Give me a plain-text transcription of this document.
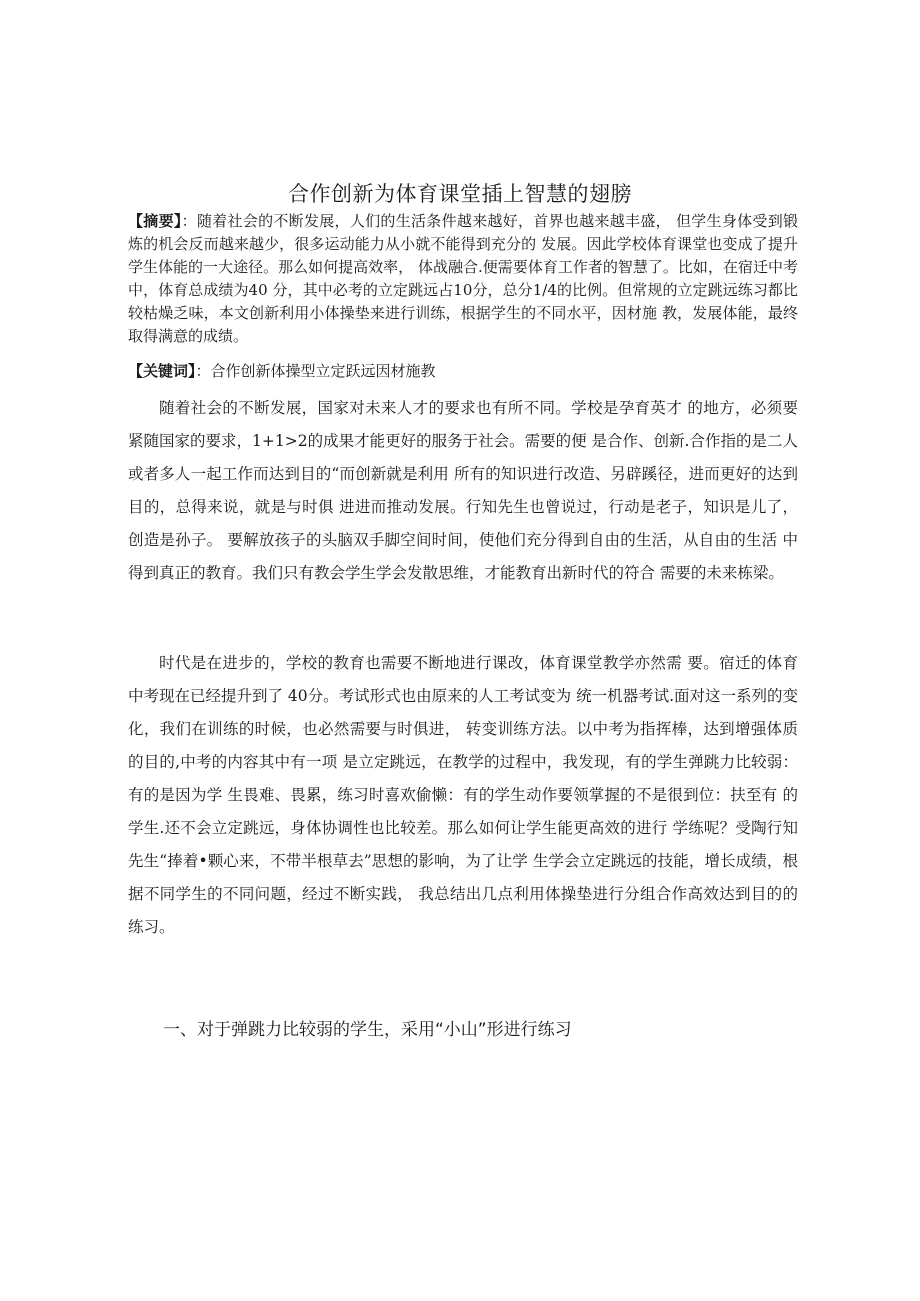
合作创新为体育课堂插上智慧的翅膀

【摘要】：随着社会的不断发展，人们的生活条件越来越好，首界也越来越丰盛， 但学生身体受到锻炼的机会反而越来越少，很多运动能力从小就不能得到充分的 发展。因此学校体育课堂也变成了提升学生体能的一大途径。那么如何提高效率， 体战融合.便需要体育工作者的智慧了。比如，在宿迁中考中，体育总成绩为40 分，其中必考的立定跳远占10分，总分1/4的比例。但常规的立定跳远练习都比 较枯燥乏味，本文创新利用小体操垫来进行训练，根据学生的不同水平，因材施 教，发展体能，最终取得满意的成绩。

【关键词】：合作创新体操型立定跃远因材施教

随着社会的不断发展，国家对未来人才的要求也有所不同。学校是孕育英才 的地方，必须要紧随国家的要求，1+1>2的成果才能更好的服务于社会。需要的便 是合作、创新.合作指的是二人或者多人一起工作而达到目的“而创新就是利用 所有的知识进行改造、另辟蹊径，进而更好的达到目的，总得来说，就是与时俱 进进而推动发展。行知先生也曾说过，行动是老子，知识是儿了，创造是孙子。 要解放孩子的头脑双手脚空间时间，使他们充分得到自由的生活，从自由的生活 中得到真正的教育。我们只有教会学生学会发散思维，才能教育出新时代的符合 需要的未来栋梁。

时代是在进步的，学校的教育也需要不断地进行课改，体育课堂教学亦然需 要。宿迁的体育中考现在已经提升到了 40分。考试形式也由原来的人工考试变为 统一机器考试.面对这一系列的变化，我们在训练的时候，也必然需要与时俱进， 转变训练方法。以中考为指挥棒，达到增强体质的目的,中考的内容其中有一项 是立定跳远，在教学的过程中，我发现，有的学生弹跳力比较弱：有的是因为学 生畏难、畏累，练习时喜欢偷懒：有的学生动作要领掌握的不是很到位：扶至有 的学生.还不会立定跳远，身体协调性也比较差。那么如何让学生能更高效的进行 学练呢？受陶行知先生“捧着•颗心来，不带半根草去”思想的影响，为了让学 生学会立定跳远的技能，增长成绩，根据不同学生的不同问题，经过不断实践， 我总结出几点利用体操垫进行分组合作高效达到目的的练习。

一、对于弹跳力比较弱的学生，采用“小山”形进行练习
